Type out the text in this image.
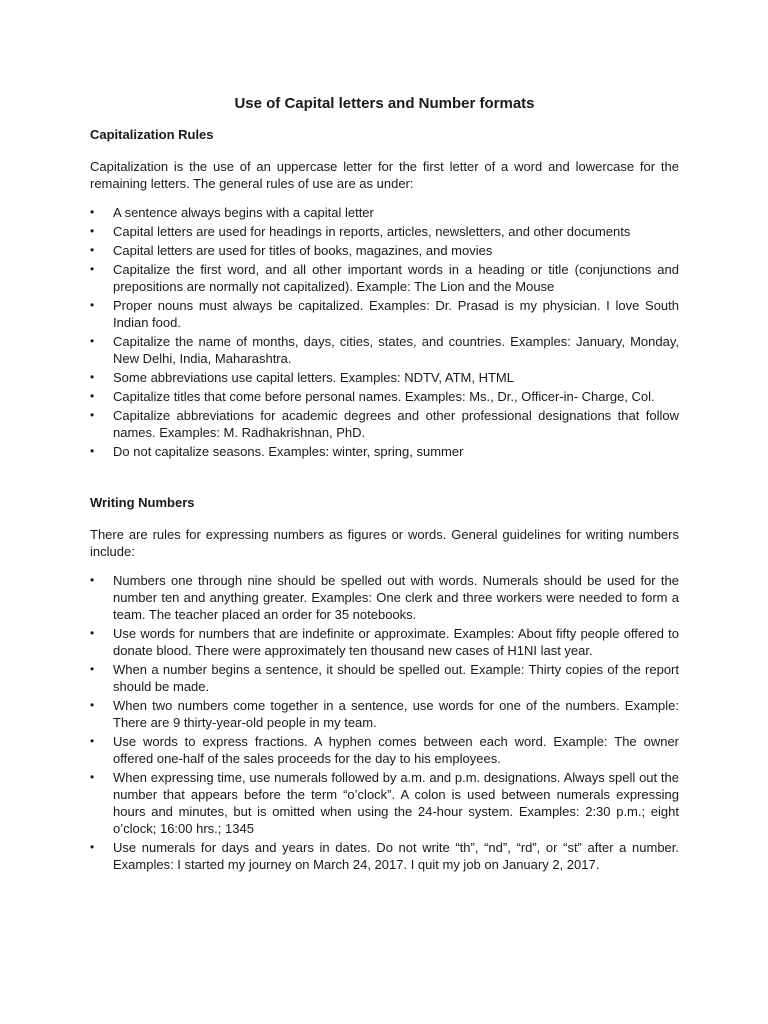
Use of Capital letters and Number formats
Capitalization Rules

Capitalization is the use of an uppercase letter for the first letter of a word and lowercase for the remaining letters. The general rules of use are as under:

•	A sentence always begins with a capital letter
•	Capital letters are used for headings in reports, articles, newsletters, and other documents
•	Capital letters are used for titles of books, magazines, and movies
•	Capitalize the first word, and all other important words in a heading or title (conjunctions and prepositions are normally not capitalized). Example: The Lion and the Mouse
•	Proper nouns must always be capitalized. Examples: Dr. Prasad is my physician. I love South Indian food.
•	Capitalize the name of months, days, cities, states, and countries. Examples: January, Monday, New Delhi, India, Maharashtra.
•	Some abbreviations use capital letters. Examples: NDTV, ATM, HTML
•	Capitalize titles that come before personal names. Examples: Ms., Dr., Officer-in- Charge, Col.
•	Capitalize abbreviations for academic degrees and other professional designations that follow names. Examples: M. Radhakrishnan, PhD.
•	Do not capitalize seasons. Examples: winter, spring, summer
Writing Numbers

There are rules for expressing numbers as figures or words. General guidelines for writing numbers include:

•	Numbers one through nine should be spelled out with words. Numerals should be used for the number ten and anything greater. Examples: One clerk and three workers were needed to form a team. The teacher placed an order for 35 notebooks.
•	Use words for numbers that are indefinite or approximate. Examples: About fifty people offered to donate blood. There were approximately ten thousand new cases of H1NI last year.
•	When a number begins a sentence, it should be spelled out. Example: Thirty copies of the report should be made.
•	When two numbers come together in a sentence, use words for one of the numbers. Example: There are 9 thirty-year-old people in my team.
•	Use words to express fractions. A hyphen comes between each word. Example: The owner offered one-half of the sales proceeds for the day to his employees.
•	When expressing time, use numerals followed by a.m. and p.m. designations. Always spell out the number that appears before the term “o’clock”. A colon is used between numerals expressing hours and minutes, but is omitted when using the 24-hour system. Examples: 2:30 p.m.; eight o’clock; 16:00 hrs.; 1345
•	Use numerals for days and years in dates. Do not write “th”, “nd”, “rd”, or “st” after a number. Examples: I started my journey on March 24, 2017. I quit my job on January 2, 2017.
